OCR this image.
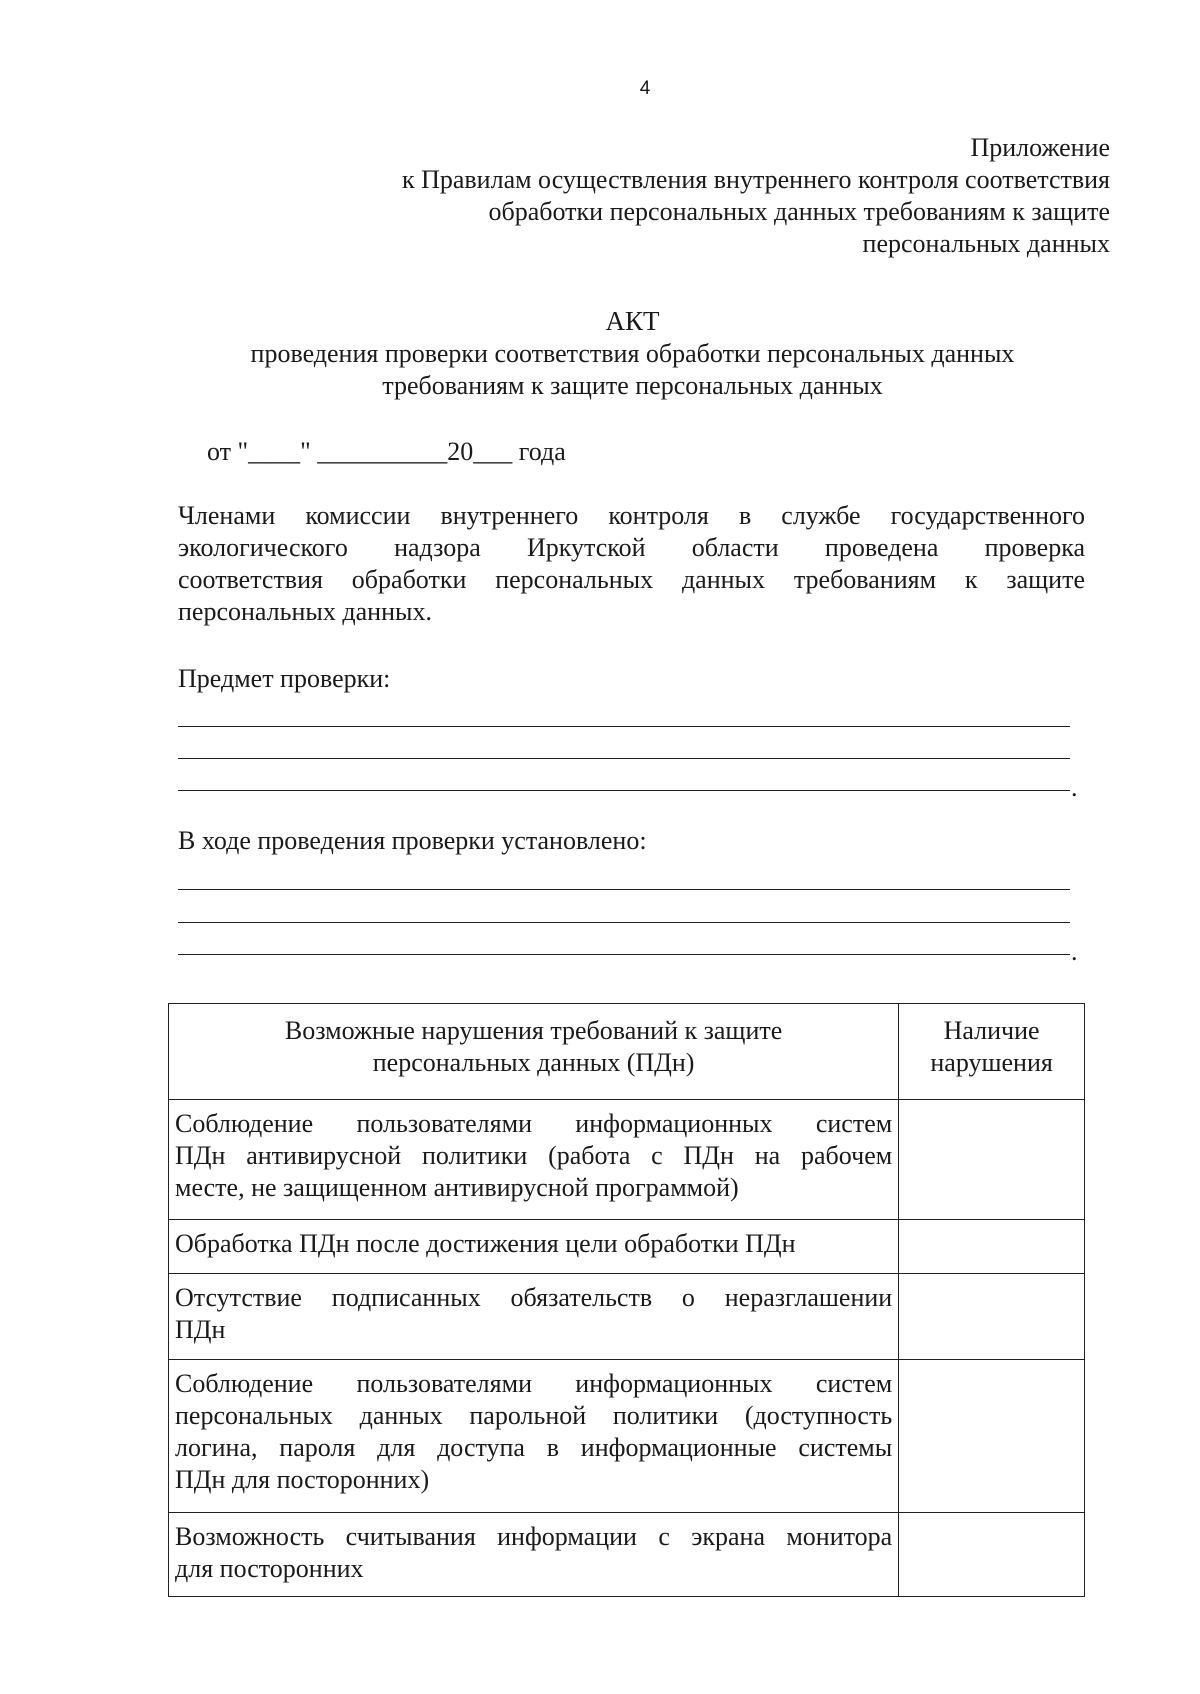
4
Приложение
к Правилам осуществления внутреннего контроля соответствия
обработки персональных данных требованиям к защите
персональных данных
АКТ
проведения проверки соответствия обработки персональных данных
требованиям к защите персональных данных
от "____" __________20___ года
Членами комиссии внутреннего контроля в службе государственного
экологического надзора Иркутской области проведена проверка
соответствия обработки персональных данных требованиям к защите
персональных данных.
Предмет проверки:
.
В ходе проведения проверки установлено:
.
Возможные нарушения требований к защите
персональных данных (ПДн)	Наличие
нарушения

Соблюдение пользователями информационных систем
ПДн антивирусной политики (работа с ПДн на рабочем
месте, не защищенном антивирусной программой)	

Обработка ПДн после достижения цели обработки ПДн	

Отсутствие подписанных обязательств о неразглашении
ПДн	

Соблюдение пользователями информационных систем
персональных данных парольной политики (доступность
логина, пароля для доступа в информационные системы
ПДн для посторонних)	

Возможность считывания информации с экрана монитора
для посторонних	
